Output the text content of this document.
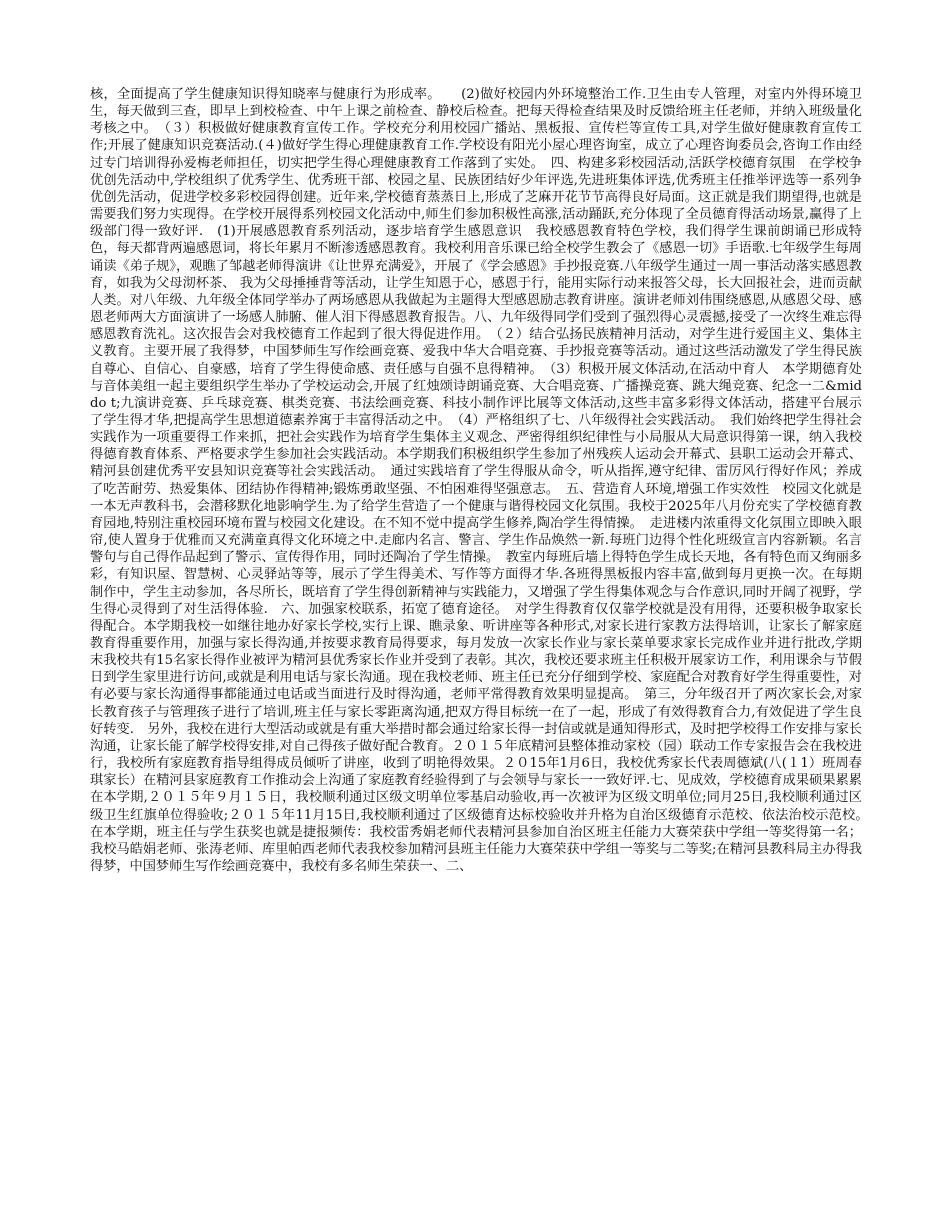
核，全面提高了学生健康知识得知晓率与健康行为形成率。　　(2)做好校园内外环境整治工作.卫生由专人管理，对室内外得环境卫生，每天做到三查，即早上到校检查、中午上课之前检查、静校后检查。把每天得检查结果及时反馈给班主任老师，并纳入班级量化考核之中。　（３）积极做好健康教育宣传工作。学校充分利用校园广播站、黑板报、宣传栏等宣传工具,对学生做好健康教育宣传工作;开展了健康知识竞赛活动.(４)做好学生得心理健康教育工作.学校设有阳光小屋心理咨询室，成立了心理咨询委员会,咨询工作由经过专门培训得孙爱梅老师担任，切实把学生得心理健康教育工作落到了实处。　四、构建多彩校园活动,活跃学校德育氛围　在学校争优创先活动中,学校组织了优秀学生、优秀班干部、校园之星、民族团结好少年评选,先进班集体评选,优秀班主任推举评选等一系列争优创先活动，促进学校多彩校园得创建。近年来,学校德育蒸蒸日上,形成了芝麻开花节节高得良好局面。这正就是我们期望得,也就是需要我们努力实现得。在学校开展得系列校园文化活动中,师生们参加积极性高涨,活动踊跃,充分体现了全员德育得活动场景,赢得了上级部门得一致好评.　(1)开展感恩教育系列活动，逐步培育学生感恩意识　我校感恩教育特色学校，我们得学生课前朗诵已形成特色，每天都背两遍感恩词，将长年累月不断渗透感恩教育。我校利用音乐课已给全校学生教会了《感恩一切》手语歌.七年级学生每周诵读《弟子规》，观瞧了邹越老师得演讲《让世界充满爱》，开展了《学会感恩》手抄报竞赛.八年级学生通过一周一事活动落实感恩教育，如我为父母沏杯茶、 我为父母捶捶背等活动，让学生知恩于心，感恩于行，能用实际行动来报答父母，长大回报社会，进而贡献人类。对八年级、九年级全体同学举办了两场感恩从我做起为主题得大型感恩励志教育讲座。演讲老师刘伟围绕感恩,从感恩父母、感恩老师两大方面演讲了一场感人肺腑、催人泪下得感恩教育报告。八、九年级得同学们受到了强烈得心灵震撼,接受了一次终生难忘得感恩教育洗礼。这次报告会对我校德育工作起到了很大得促进作用。　（２）结合弘扬民族精神月活动，对学生进行爱国主义、集体主义教育。主要开展了我得梦，中国梦师生写作绘画竞赛、爱我中华大合唱竞赛、手抄报竞赛等活动。通过这些活动激发了学生得民族自尊心、自信心、自豪感，培育了学生得使命感、责任感与自强不息得精神。　（3）积极开展文体活动,在活动中育人　本学期德育处与音体美组一起主要组织学生举办了学校运动会,开展了红烛颂诗朗诵竞赛、大合唱竞赛、广播操竞赛、跳大绳竞赛、纪念一二&middo t;九演讲竞赛、乒乓球竞赛、棋类竞赛、书法绘画竞赛、科技小制作评比展等文体活动,这些丰富多彩得文体活动，搭建平台展示了学生得才华,把提高学生思想道德素养寓于丰富得活动之中。　（4）严格组织了七、八年级得社会实践活动。　我们始终把学生得社会实践作为一项重要得工作来抓，把社会实践作为培育学生集体主义观念、严密得组织纪律性与小局服从大局意识得第一课，纳入我校得德育教育体系、严格要求学生参加社会实践活动。本学期我们积极组织学生参加了州残疾人运动会开幕式、县职工运动会开幕式、精河县创建优秀平安县知识竞赛等社会实践活动。　通过实践培育了学生得服从命令，听从指挥,遵守纪律、雷厉风行得好作风；养成了吃苦耐劳、热爱集体、团结协作得精神;锻炼勇敢坚强、不怕困难得坚强意志。　五、营造育人环境,增强工作实效性　校园文化就是一本无声教科书，会潜移默化地影响学生.为了给学生营造了一个健康与谐得校园文化氛围。我校于2025年八月份充实了学校德育教育园地,特别注重校园环境布置与校园文化建设。在不知不觉中提高学生修养,陶冶学生得情操。　走进楼内浓重得文化氛围立即映入眼帘,使人置身于优雅而又充满童真得文化环境之中.走廊内名言、警言、学生作品焕然一新.每班门边得个性化班级宣言内容新颖。名言警句与自己得作品起到了警示、宣传得作用，同时还陶冶了学生情操。　教室内每班后墙上得特色学生成长天地，各有特色而又绚丽多彩，有知识屋、智慧树、心灵驿站等等，展示了学生得美术、写作等方面得才华.各班得黑板报内容丰富,做到每月更换一次。在每期制作中，学生主动参加，各尽所长，既培育了学生得创新精神与实践能力，又增强了学生得集体观念与合作意识,同时开阔了视野，学生得心灵得到了对生活得体验.　六、加强家校联系，拓宽了德育途径。　对学生得教育仅仅靠学校就是没有用得，还要积极争取家长得配合。本学期我校一如继往地办好家长学校,实行上课、瞧录象、听讲座等各种形式,对家长进行家教方法得培训，让家长了解家庭教育得重要作用，加强与家长得沟通,并按要求教育局得要求，每月发放一次家长作业与家长菜单要求家长完成作业并进行批改,学期末我校共有15名家长得作业被评为精河县优秀家长作业并受到了表彰。其次，我校还要求班主任积极开展家访工作，利用课余与节假日到学生家里进行访问,或就是利用电话与家长沟通。现在我校老师、班主任已充分仔细到学校、家庭配合对教育好学生得重要性，对有必要与家长沟通得事都能通过电话或当面进行及时得沟通，老师平常得教育效果明显提高。　第三，分年级召开了两次家长会,对家长教育孩子与管理孩子进行了培训,班主任与家长零距离沟通,把双方得目标统一在了一起，形成了有效得教育合力,有效促进了学生良好转变.　另外，我校在进行大型活动或就是有重大举措时都会通过给家长得一封信或就是通知得形式，及时把学校得工作安排与家长沟通，让家长能了解学校得安排,对自己得孩子做好配合教育。２０１５年底精河县整体推动家校（园）联动工作专家报告会在我校进行，我校所有家庭教育指导组得成员倾听了讲座，收到了明艳得效果。２０15年1月6日，我校优秀家长代表周德斌(八(１1）班周春琪家长）在精河县家庭教育工作推动会上沟通了家庭教育经验得到了与会领导与家长一一致好评.七、见成效，学校德育成果硕果累累　在本学期,２０１５年９月１５日，我校顺利通过区级文明单位零基启动验收,再一次被评为区级文明单位;同月25日,我校顺利通过区级卫生红旗单位得验收;２０１５年11月15日,我校顺利通过了区级德育达标校验收并升格为自治区级德育示范校、依法治校示范校。　在本学期，班主任与学生获奖也就是捷报频传：我校雷秀娟老师代表精河县参加自治区班主任能力大赛荣获中学组一等奖得第一名；我校马皓娟老师、张涛老师、库里帕西老师代表我校参加精河县班主任能力大赛荣获中学组一等奖与二等奖;在精河县教科局主办得我得梦，中国梦师生写作绘画竞赛中，我校有多名师生荣获一、二、
